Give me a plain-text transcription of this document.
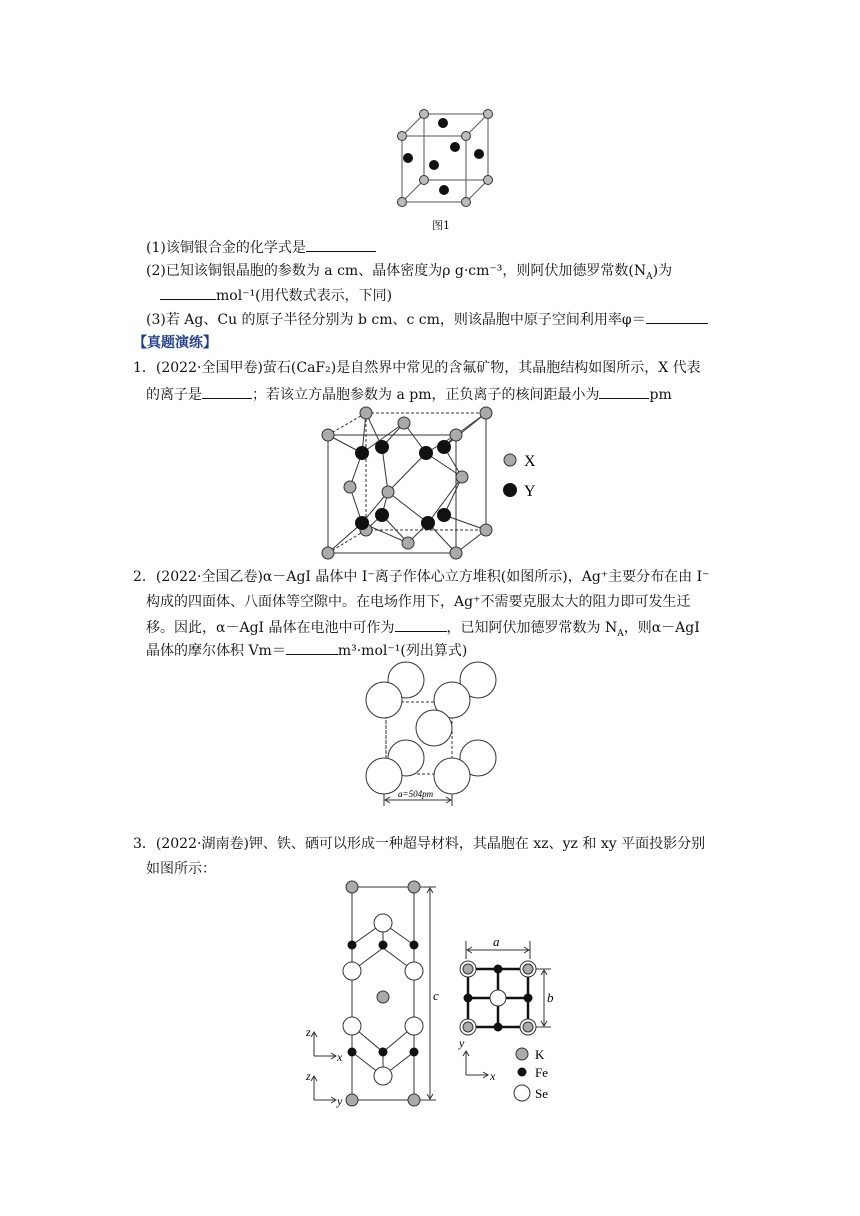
图1
(1)该铜银合金的化学式是
(2)已知该铜银晶胞的参数为 a cm、晶体密度为ρ g·cm⁻³，则阿伏加德罗常数$(N_A)$为
mol⁻¹(用代数式表示，下同)
(3)若 Ag、Cu 的原子半径分别为 b cm、c cm，则该晶胞中原子空间利用率φ＝
【真题演练】
1．(2022·全国甲卷)萤石(CaF₂)是自然界中常见的含氟矿物，其晶胞结构如图所示，X 代表
的离子是	；若该立方晶胞参数为 a pm，正负离子的核间距最小为	pm
X
Y
2．(2022·全国乙卷)α－AgI 晶体中 I⁻离子作体心立方堆积(如图所示)，Ag⁺主要分布在由 I⁻
构成的四面体、八面体等空隙中。在电场作用下，Ag⁺不需要克服太大的阻力即可发生迁
移。因此，α－AgI 晶体在电池中可作为	，已知阿伏加德罗常数为 $N_A$，则α－AgI
晶体的摩尔体积 Vm＝	m³·mol⁻¹(列出算式)
a=504pm
3．(2022·湖南卷)钾、铁、硒可以形成一种超导材料，其晶胞在 xz、yz 和 xy 平面投影分别
如图所示：
c
z
x
z
y
a
b
y
x
K
Fe
Se
